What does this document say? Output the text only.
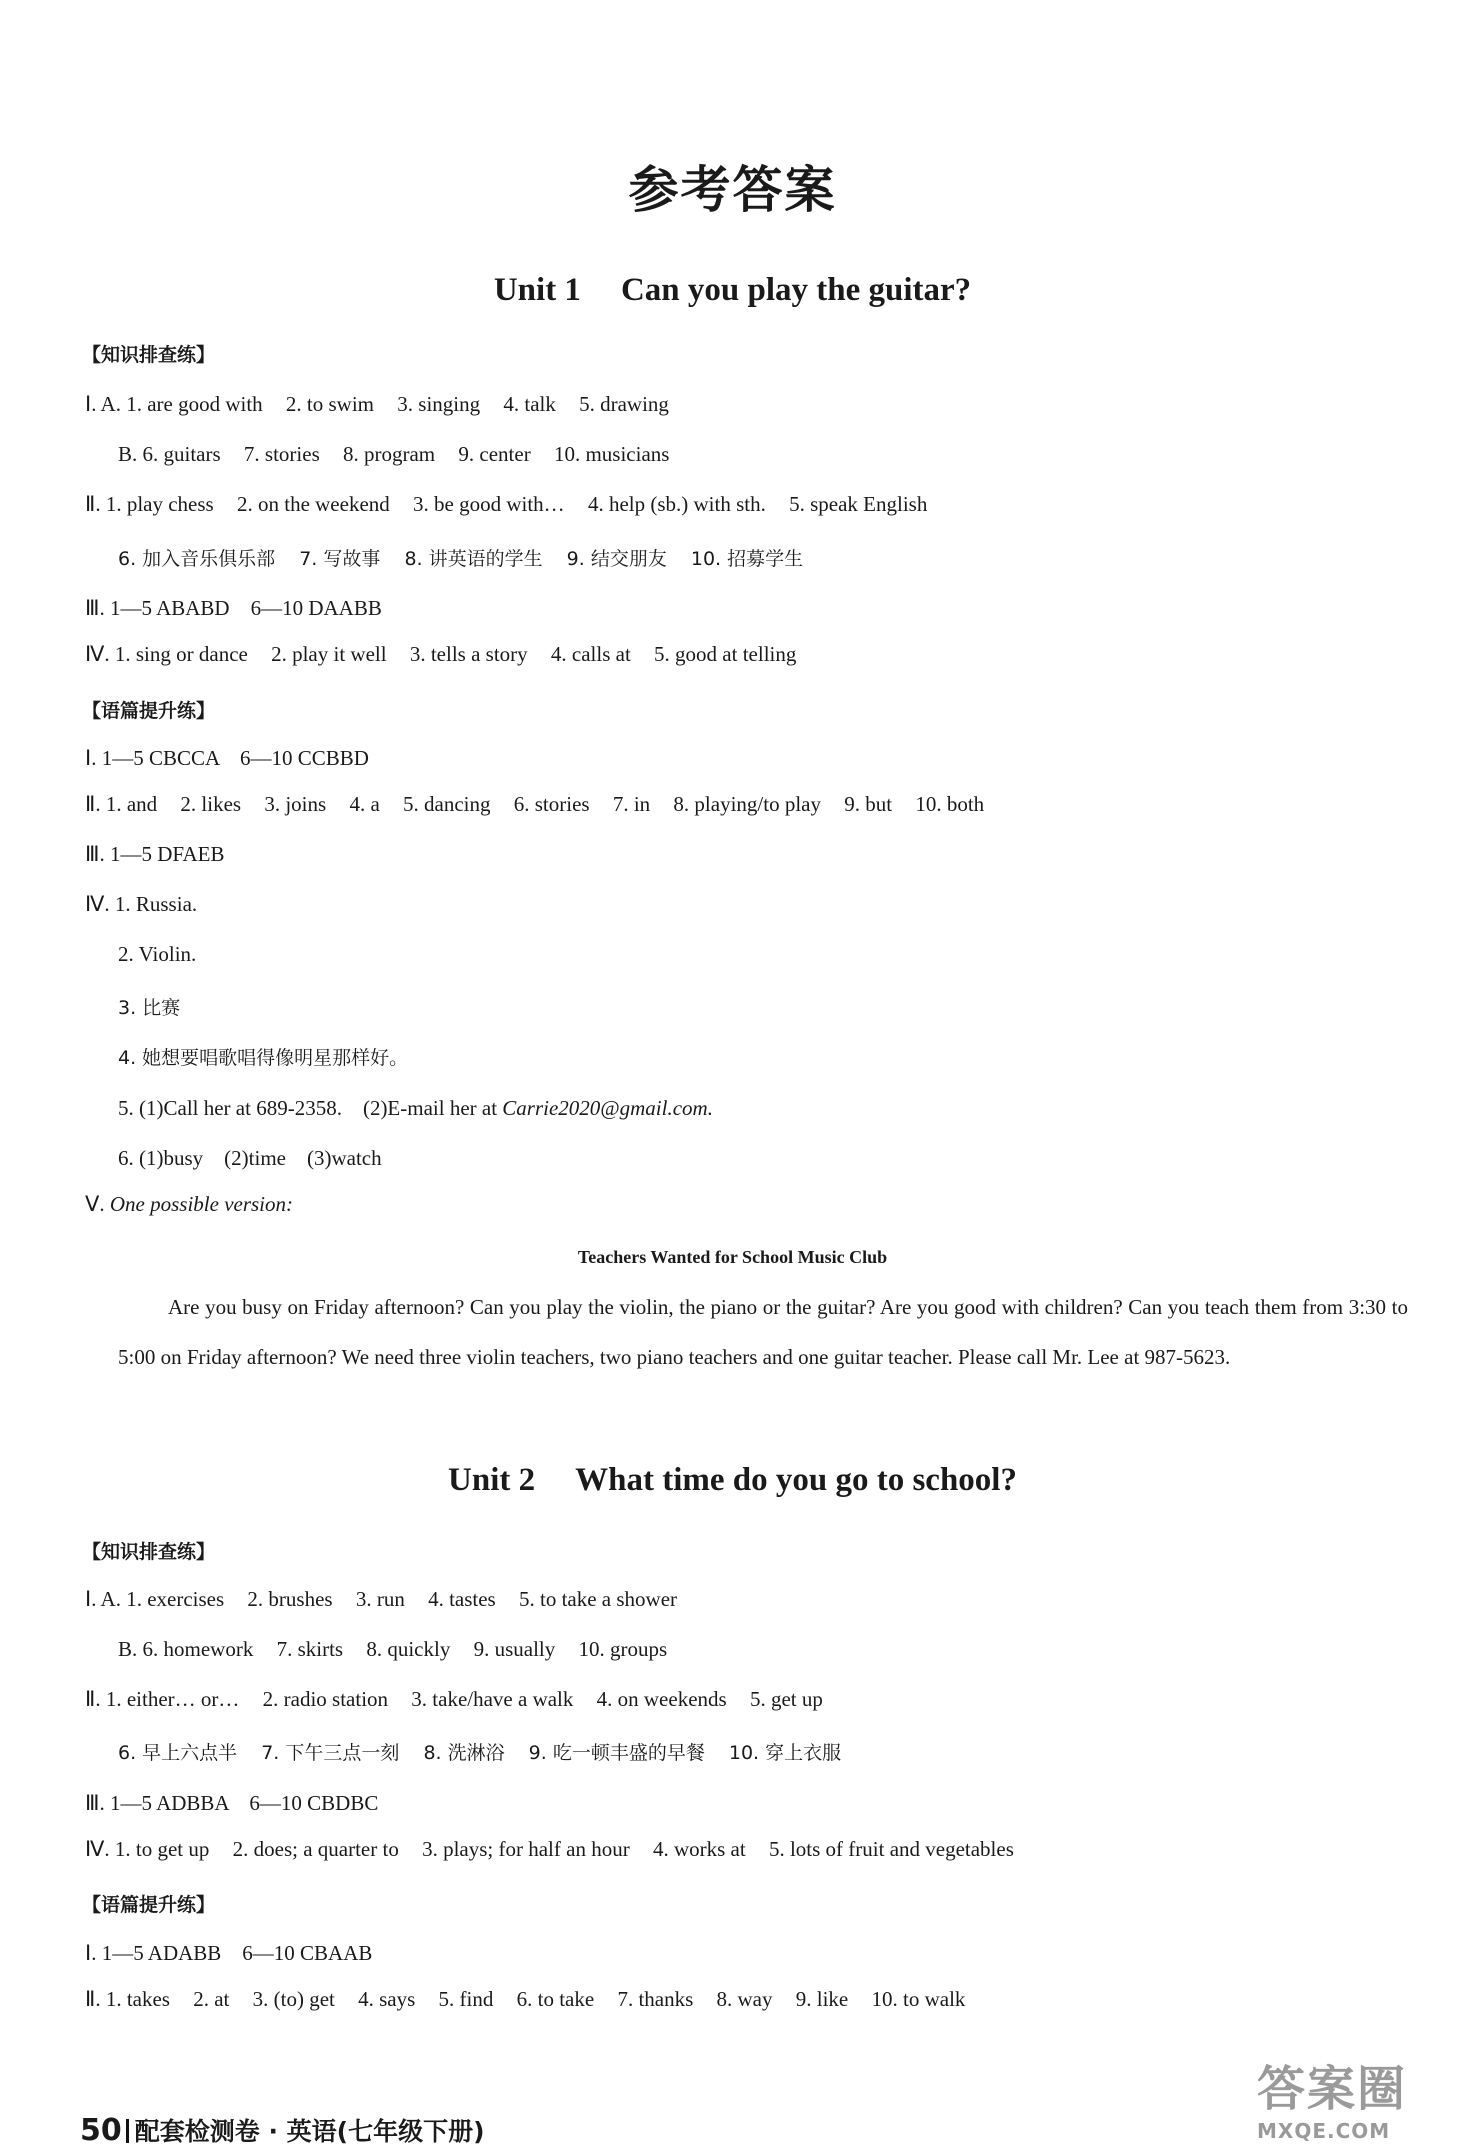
参考答案
Unit 1 Can you play the guitar?
【知识排查练】
Ⅰ. A. 1. are good with 2. to swim 3. singing 4. talk 5. drawing
B. 6. guitars 7. stories 8. program 9. center 10. musicians
Ⅱ. 1. play chess 2. on the weekend 3. be good with… 4. help (sb.) with sth. 5. speak English
6. 加入音乐俱乐部 7. 写故事 8. 讲英语的学生 9. 结交朋友 10. 招募学生
Ⅲ. 1—5 ABABD　6—10 DAABB
Ⅳ. 1. sing or dance 2. play it well 3. tells a story 4. calls at 5. good at telling
【语篇提升练】
Ⅰ. 1—5 CBCCA　6—10 CCBBD
Ⅱ. 1. and 2. likes 3. joins 4. a 5. dancing 6. stories 7. in 8. playing/to play 9. but 10. both
Ⅲ. 1—5 DFAEB
Ⅳ. 1. Russia.
2. Violin.
3. 比赛
4. 她想要唱歌唱得像明星那样好。
5. (1)Call her at 689-2358.　(2)E-mail her at Carrie2020@gmail.com.
6. (1)busy　(2)time　(3)watch
Ⅴ. One possible version:
Teachers Wanted for School Music Club
Are you busy on Friday afternoon? Can you play the violin, the piano or the guitar? Are you good with children? Can you teach them from 3:30 to 5:00 on Friday afternoon? We need three violin teachers, two piano teachers and one guitar teacher. Please call Mr. Lee at 987-5623.
Unit 2 What time do you go to school?
【知识排查练】
Ⅰ. A. 1. exercises 2. brushes 3. run 4. tastes 5. to take a shower
B. 6. homework 7. skirts 8. quickly 9. usually 10. groups
Ⅱ. 1. either… or… 2. radio station 3. take/have a walk 4. on weekends 5. get up
6. 早上六点半 7. 下午三点一刻 8. 洗淋浴 9. 吃一顿丰盛的早餐 10. 穿上衣服
Ⅲ. 1—5 ADBBA　6—10 CBDBC
Ⅳ. 1. to get up 2. does; a quarter to 3. plays; for half an hour 4. works at 5. lots of fruit and vegetables
【语篇提升练】
Ⅰ. 1—5 ADABB　6—10 CBAAB
Ⅱ. 1. takes 2. at 3. (to) get 4. says 5. find 6. to take 7. thanks 8. way 9. like 10. to walk
50 配套检测卷 · 英语(七年级下册)
答案圈
MXQE.COM
